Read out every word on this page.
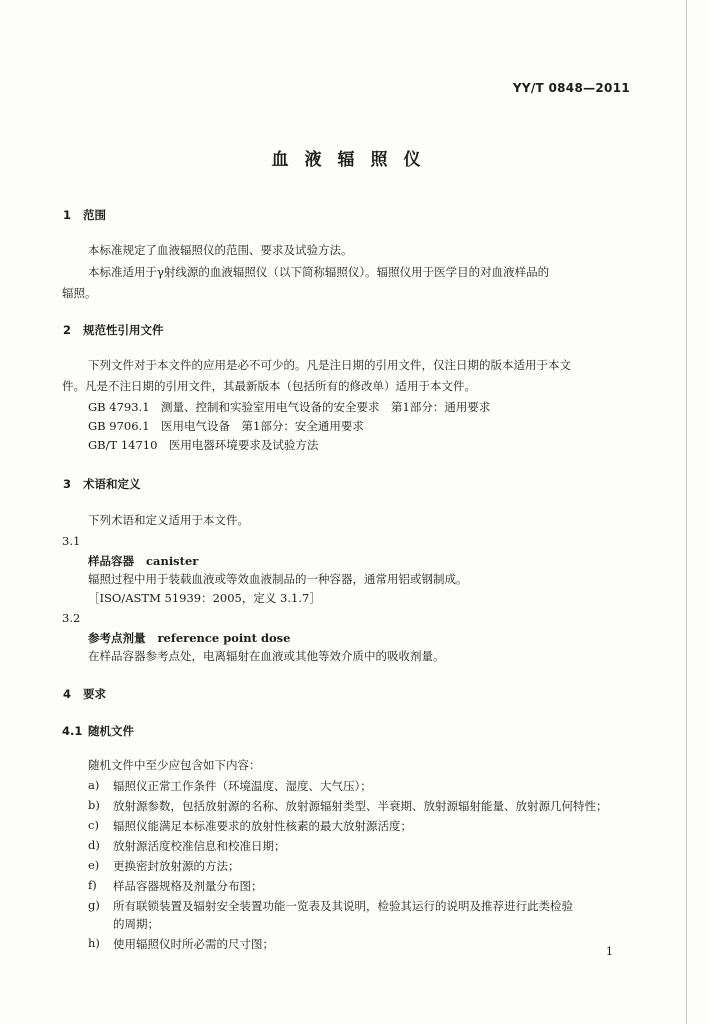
YY/T 0848—2011
血液辐照仪
1 范围
本标准规定了血液辐照仪的范围、要求及试验方法。
本标准适用于γ射线源的血液辐照仪（以下简称辐照仪）。辐照仪用于医学目的对血液样品的
辐照。
2 规范性引用文件
下列文件对于本文件的应用是必不可少的。凡是注日期的引用文件，仅注日期的版本适用于本文
件。凡是不注日期的引用文件，其最新版本（包括所有的修改单）适用于本文件。
GB 4793.1　测量、控制和实验室用电气设备的安全要求　第1部分：通用要求
GB 9706.1　医用电气设备　第1部分：安全通用要求
GB/T 14710　医用电器环境要求及试验方法
3 术语和定义
下列术语和定义适用于本文件。
3.1
样品容器 canister
辐照过程中用于装载血液或等效血液制品的一种容器，通常用铝或钢制成。
［ISO/ASTM 51939：2005，定义 3.1.7］
3.2
参考点剂量 reference point dose
在样品容器参考点处，电离辐射在血液或其他等效介质中的吸收剂量。
4 要求
4.1 随机文件
随机文件中至少应包含如下内容：
a)	辐照仪正常工作条件（环境温度、湿度、大气压）；
b)	放射源参数，包括放射源的名称、放射源辐射类型、半衰期、放射源辐射能量、放射源几何特性；
c)	辐照仪能满足本标准要求的放射性核素的最大放射源活度；
d)	放射源活度校准信息和校准日期；
e)	更换密封放射源的方法；
f)	样品容器规格及剂量分布图；
g)	所有联锁装置及辐射安全装置功能一览表及其说明，检验其运行的说明及推荐进行此类检验
的周期；
h)	使用辐照仪时所必需的尺寸图；
1
